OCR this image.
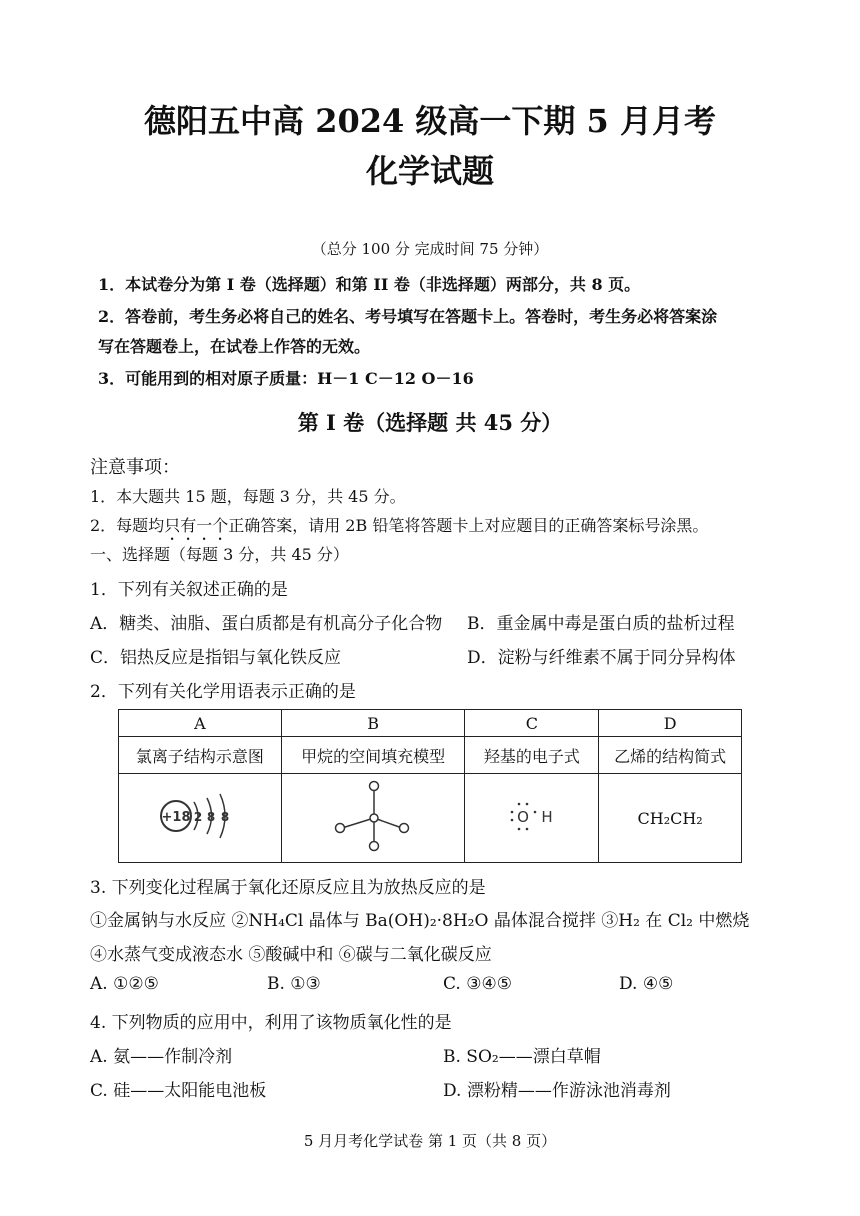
德阳五中高 2024 级高一下期 5 月月考
化学试题
（总分 100 分 完成时间 75 分钟）
1．本试卷分为第 I 卷（选择题）和第 II 卷（非选择题）两部分，共 8 页。
2．答卷前，考生务必将自己的姓名、考号填写在答题卡上。答卷时，考生务必将答案涂
写在答题卷上，在试卷上作答的无效。
3．可能用到的相对原子质量：H－1 C－12 O－16
第 I 卷（选择题 共 45 分）
注意事项：
1．本大题共 15 题，每题 3 分，共 45 分。
2．每题均只有一个正确答案，请用 2B 铅笔将答题卡上对应题目的正确答案标号涂黑。
一、选择题（每题 3 分，共 45 分）
1．下列有关叙述正确的是
A．糖类、油脂、蛋白质都是有机高分子化合物 B．重金属中毒是蛋白质的盐析过程
C．铝热反应是指铝与氧化铁反应	D．淀粉与纤维素不属于同分异构体
2．下列有关化学用语表示正确的是
A	B	C	D
氯离子结构示意图	甲烷的空间填充模型	羟基的电子式	乙烯的结构简式

+18 2 8 8		O H	CH₂CH₂
3. 下列变化过程属于氧化还原反应且为放热反应的是
①金属钠与水反应 ②NH₄Cl 晶体与 Ba(OH)₂·8H₂O 晶体混合搅拌 ③H₂ 在 Cl₂ 中燃烧
④水蒸气变成液态水 ⑤酸碱中和 ⑥碳与二氧化碳反应
A. ①②⑤	B. ①③	C. ③④⑤	D. ④⑤
4. 下列物质的应用中，利用了该物质氧化性的是
A. 氨——作制冷剂	B. SO₂——漂白草帽
C. 硅——太阳能电池板	D. 漂粉精——作游泳池消毒剂
5 月月考化学试卷 第 1 页（共 8 页）
